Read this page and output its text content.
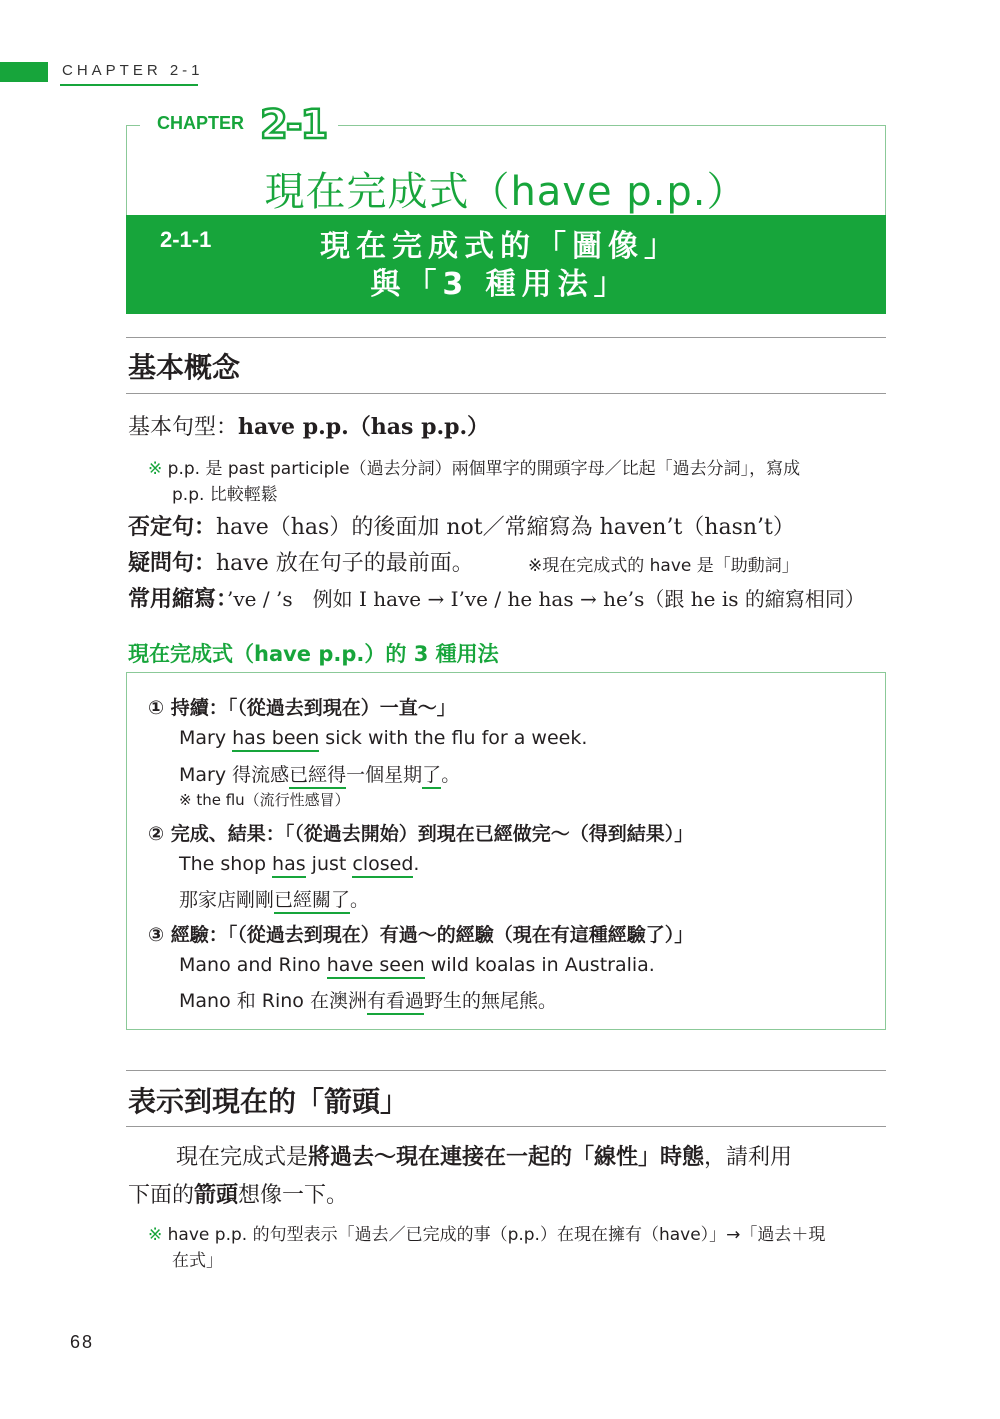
CHAPTER 2-1
CHAPTER 2-1
現在完成式（have p.p.）
2-1-1	現在完成式的「圖像」
與「3 種用法」
基本概念
基本句型：have p.p.（has p.p.）
※ p.p. 是 past participle（過去分詞）兩個單字的開頭字母／比起「過去分詞」，寫成
p.p. 比較輕鬆
否定句：have（has）的後面加 not／常縮寫為 haven’t（hasn’t）
疑問句：have 放在句子的最前面。	※現在完成式的 have 是「助動詞」
常用縮寫：’ve / ’s　例如 I have → I’ve / he has → he’s（跟 he is 的縮寫相同）
現在完成式（have p.p.）的 3 種用法
① 持續：「（從過去到現在）一直～」
Mary has been sick with the flu for a week.
Mary 得流感已經得一個星期了。
※ the flu（流行性感冒）
② 完成、結果：「（從過去開始）到現在已經做完～（得到結果）」
The shop has just closed.
那家店剛剛已經關了。
③ 經驗：「（從過去到現在）有過～的經驗（現在有這種經驗了）」
Mano and Rino have seen wild koalas in Australia.
Mano 和 Rino 在澳洲有看過野生的無尾熊。
表示到現在的「箭頭」
現在完成式是將過去～現在連接在一起的「線性」時態，請利用
下面的箭頭想像一下。
※ have p.p. 的句型表示「過去／已完成的事（p.p.）在現在擁有（have）」→「過去＋現
在式」
68
